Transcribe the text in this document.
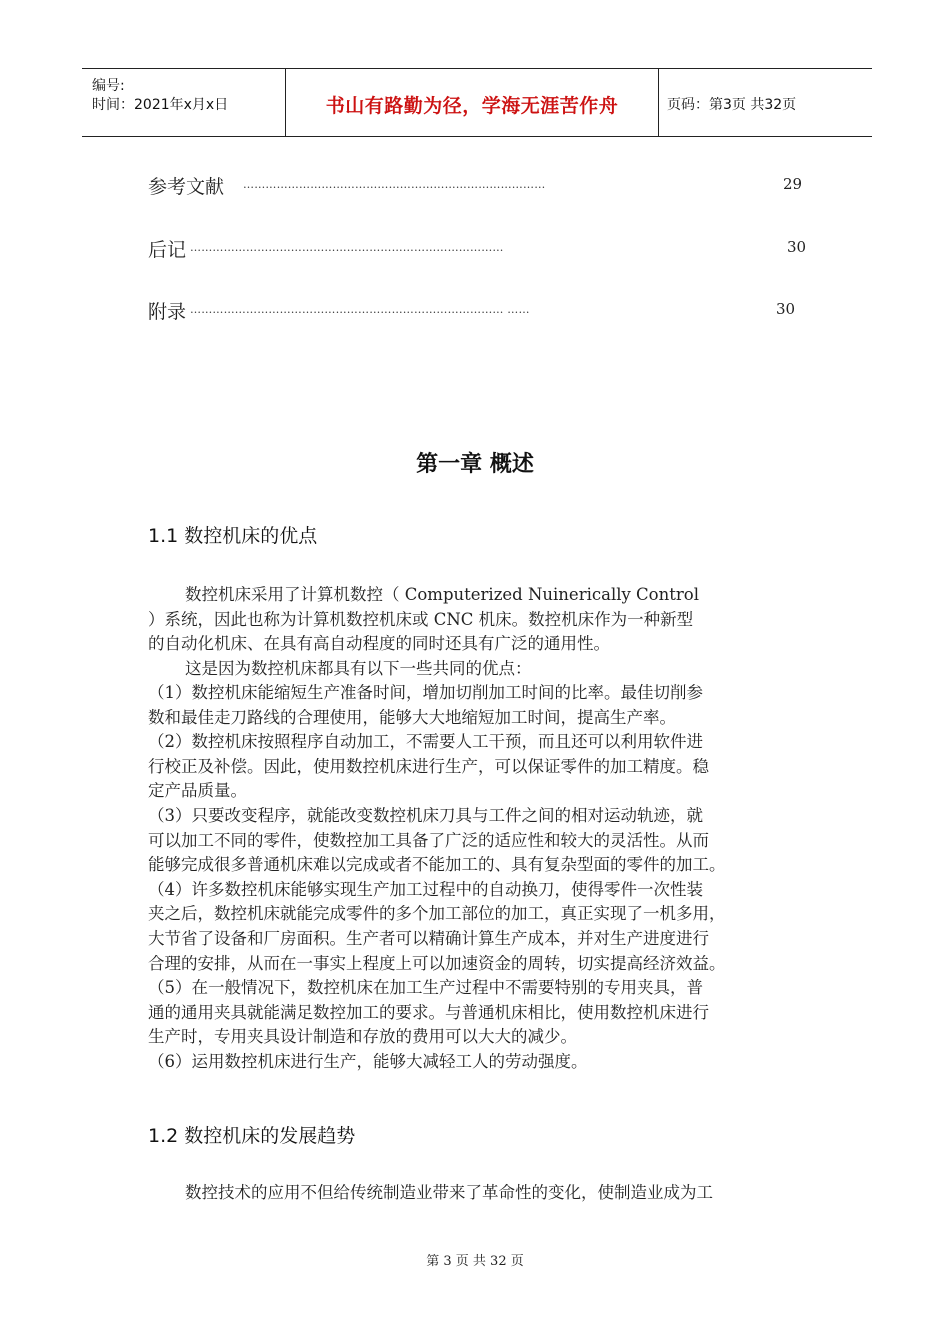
编号:
时间：2021年x月x日	书山有路勤为径，学海无涯苦作舟	页码：第3页 共32页
参考文献 ………………………………………………………………………	29
后记 …………………………………………………………………………	30
附录 ………………………………………………………………………… ……	30
第一章 概述
1.1 数控机床的优点
数控机床采用了计算机数控（ Computerized Nuinerically Control
）系统，因此也称为计算机数控机床或 CNC 机床。数控机床作为一种新型
的自动化机床、在具有高自动程度的同时还具有广泛的通用性。
这是因为数控机床都具有以下一些共同的优点：
（1）数控机床能缩短生产准备时间，增加切削加工时间的比率。最佳切削参
数和最佳走刀路线的合理使用，能够大大地缩短加工时间，提高生产率。
（2）数控机床按照程序自动加工，不需要人工干预，而且还可以利用软件进
行校正及补偿。因此，使用数控机床进行生产，可以保证零件的加工精度。稳
定产品质量。
（3）只要改变程序，就能改变数控机床刀具与工件之间的相对运动轨迹，就
可以加工不同的零件，使数控加工具备了广泛的适应性和较大的灵活性。从而
能够完成很多普通机床难以完成或者不能加工的、具有复杂型面的零件的加工。
（4）许多数控机床能够实现生产加工过程中的自动换刀，使得零件一次性装
夹之后，数控机床就能完成零件的多个加工部位的加工，真正实现了一机多用，
大节省了设备和厂房面积。生产者可以精确计算生产成本，并对生产进度进行
合理的安排，从而在一事实上程度上可以加速资金的周转，切实提高经济效益。
（5）在一般情况下，数控机床在加工生产过程中不需要特别的专用夹具，普
通的通用夹具就能满足数控加工的要求。与普通机床相比，使用数控机床进行
生产时，专用夹具设计制造和存放的费用可以大大的减少。
（6）运用数控机床进行生产，能够大减轻工人的劳动强度。
1.2 数控机床的发展趋势
数控技术的应用不但给传统制造业带来了革命性的变化，使制造业成为工
第 3 页 共 32 页
